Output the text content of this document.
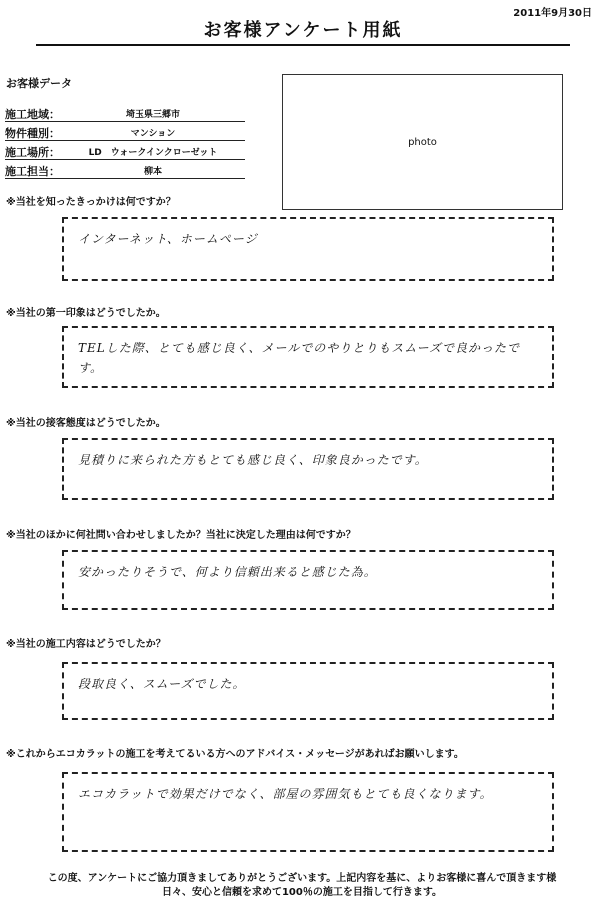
2011年9月30日
お客様アンケート用紙
お客様データ
施工地域：	埼玉県三郷市
物件種別：	マンション
施工場所：	LD　ウォークインクローゼット
施工担当：	柳本
photo
※当社を知ったきっかけは何ですか？
インターネット、ホームページ
※当社の第一印象はどうでしたか。
TELした際、とても感じ良く、メールでのやりとりもスムーズで良かったです。
※当社の接客態度はどうでしたか。
見積りに来られた方もとても感じ良く、印象良かったです。
※当社のほかに何社問い合わせしましたか？当社に決定した理由は何ですか？
安かったりそうで、何より信頼出来ると感じた為。
※当社の施工内容はどうでしたか？
段取良く、スムーズでした。
※これからエコカラットの施工を考えてるいる方へのアドバイス・メッセージがあればお願いします。
エコカラットで効果だけでなく、部屋の雰囲気もとても良くなります。
この度、アンケートにご協力頂きましてありがとうございます。上記内容を基に、よりお客様に喜んで頂きます様
日々、安心と信頼を求めて100％の施工を目指して行きます。
